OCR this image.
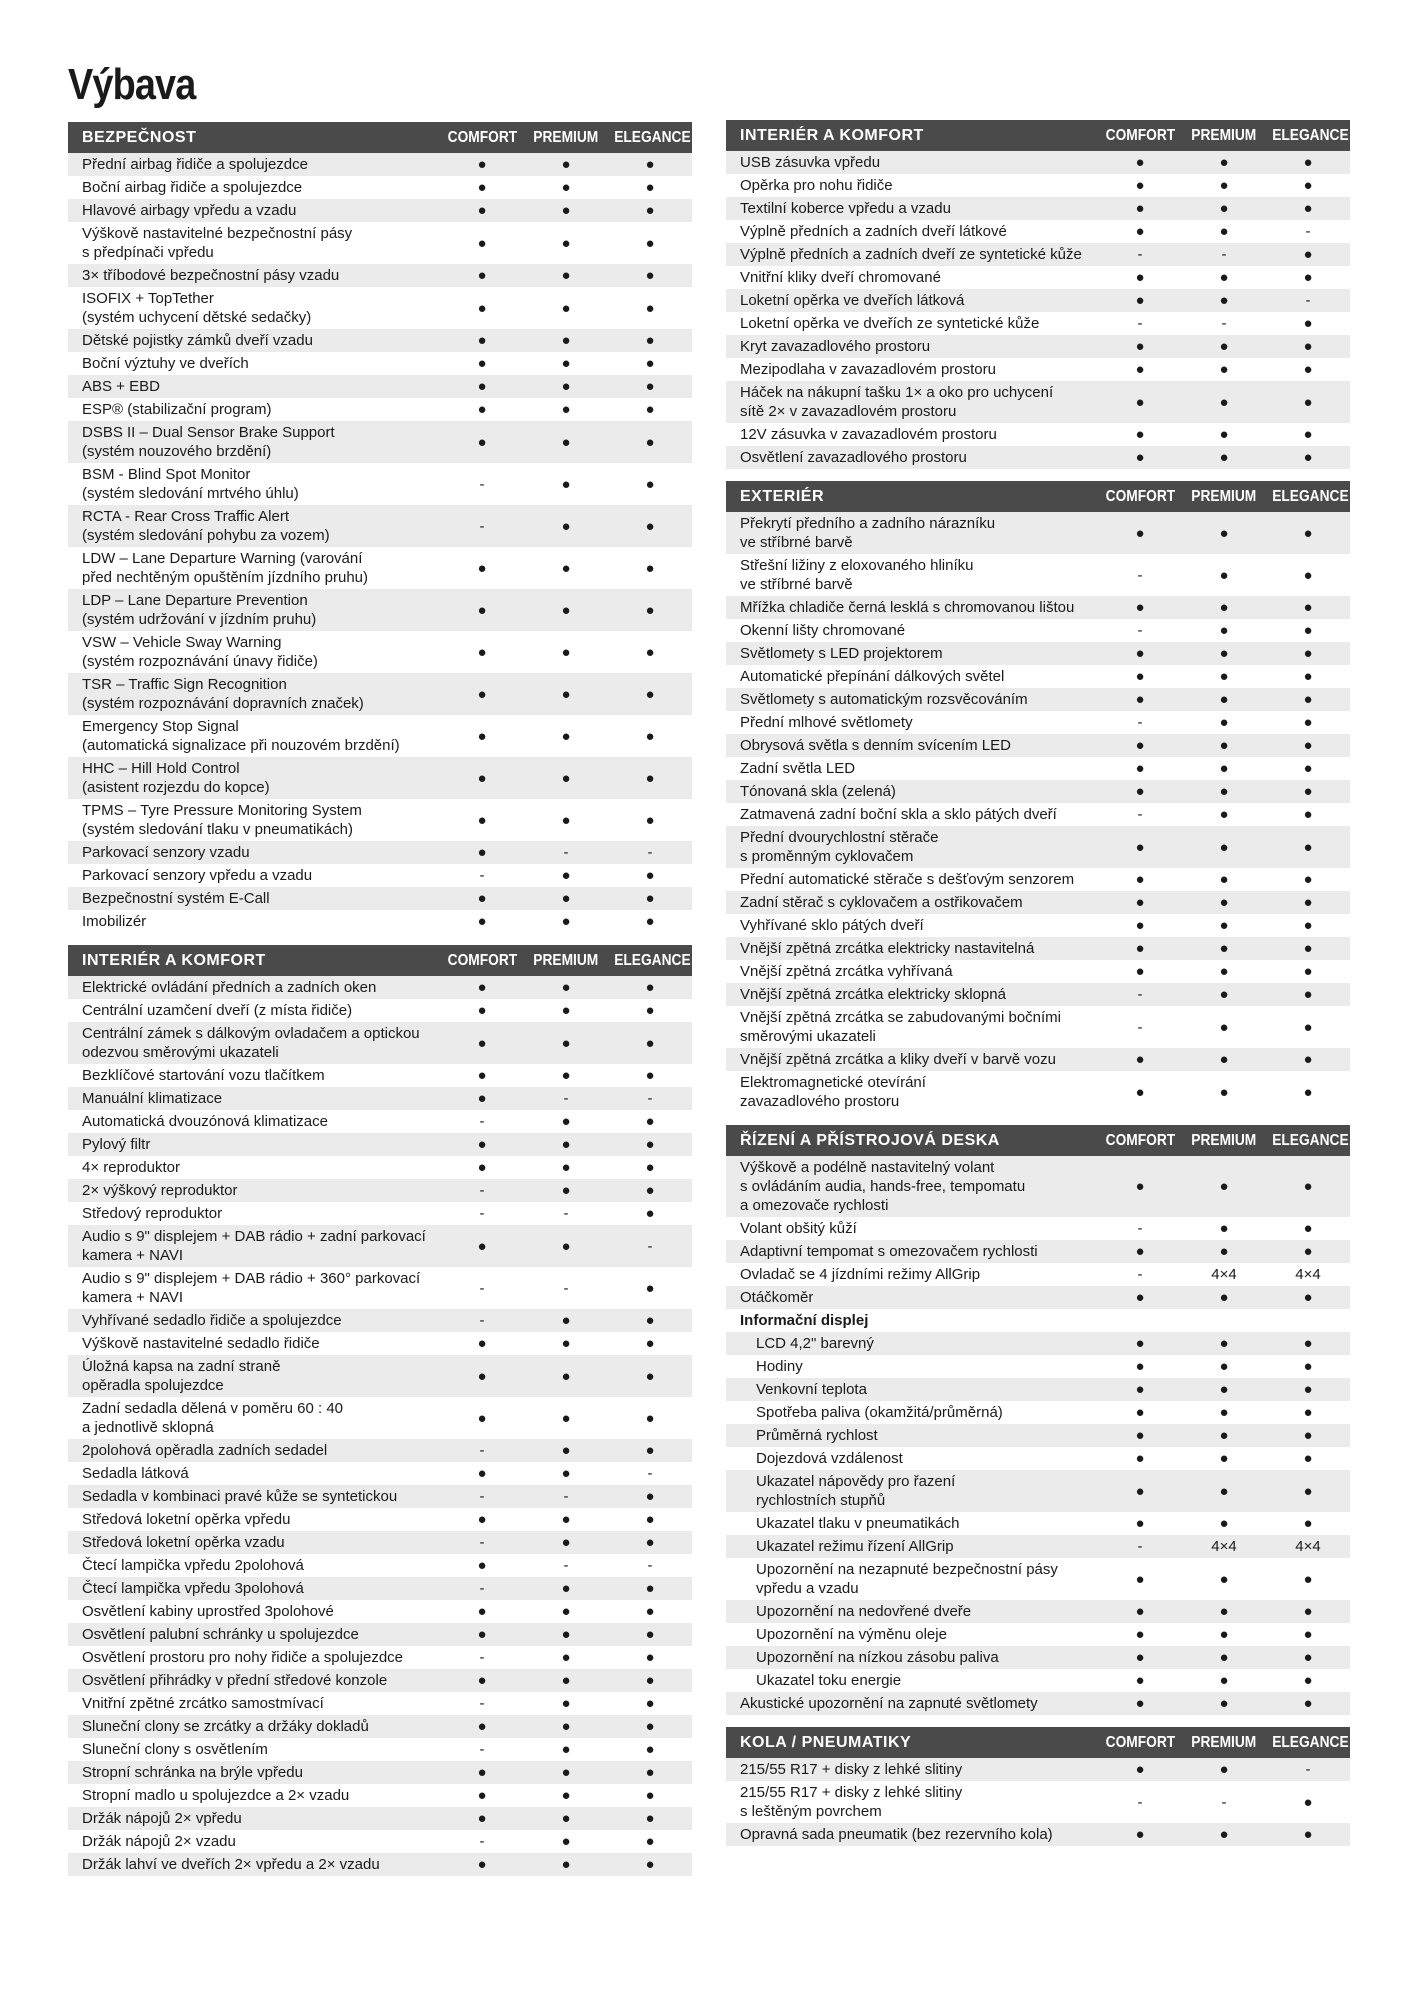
Výbava
BEZPEČNOST	COMFORT	PREMIUM	ELEGANCE
Přední airbag řidiče a spolujezdce	●	●	●
Boční airbag řidiče a spolujezdce	●	●	●
Hlavové airbagy vpředu a vzadu	●	●	●
Výškově nastavitelné bezpečnostní pásy
s předpínači vpředu	●	●	●
3× tříbodové bezpečnostní pásy vzadu	●	●	●
ISOFIX + TopTether
(systém uchycení dětské sedačky)	●	●	●
Dětské pojistky zámků dveří vzadu	●	●	●
Boční výztuhy ve dveřích	●	●	●
ABS + EBD	●	●	●
ESP® (stabilizační program)	●	●	●
DSBS II – Dual Sensor Brake Support
(systém nouzového brzdění)	●	●	●
BSM - Blind Spot Monitor
(systém sledování mrtvého úhlu)	-	●	●
RCTA - Rear Cross Traffic Alert
(systém sledování pohybu za vozem)	-	●	●
LDW – Lane Departure Warning (varování
před nechtěným opuštěním jízdního pruhu)	●	●	●
LDP – Lane Departure Prevention
(systém udržování v jízdním pruhu)	●	●	●
VSW – Vehicle Sway Warning
(systém rozpoznávání únavy řidiče)	●	●	●
TSR – Traffic Sign Recognition
(systém rozpoznávání dopravních značek)	●	●	●
Emergency Stop Signal
(automatická signalizace při nouzovém brzdění)	●	●	●
HHC – Hill Hold Control
(asistent rozjezdu do kopce)	●	●	●
TPMS – Tyre Pressure Monitoring System
(systém sledování tlaku v pneumatikách)	●	●	●
Parkovací senzory vzadu	●	-	-
Parkovací senzory vpředu a vzadu	-	●	●
Bezpečnostní systém E-Call	●	●	●
Imobilizér	●	●	●
INTERIÉR A KOMFORT	COMFORT	PREMIUM	ELEGANCE
Elektrické ovládání předních a zadních oken	●	●	●
Centrální uzamčení dveří (z místa řidiče)	●	●	●
Centrální zámek s dálkovým ovladačem a optickou
odezvou směrovými ukazateli	●	●	●
Bezklíčové startování vozu tlačítkem	●	●	●
Manuální klimatizace	●	-	-
Automatická dvouzónová klimatizace	-	●	●
Pylový filtr	●	●	●
4× reproduktor	●	●	●
2× výškový reproduktor	-	●	●
Středový reproduktor	-	-	●
Audio s 9" displejem + DAB rádio + zadní parkovací
kamera + NAVI	●	●	-
Audio s 9" displejem + DAB rádio + 360° parkovací
kamera + NAVI	-	-	●
Vyhřívané sedadlo řidiče a spolujezdce	-	●	●
Výškově nastavitelné sedadlo řidiče	●	●	●
Úložná kapsa na zadní straně
opěradla spolujezdce	●	●	●
Zadní sedadla dělená v poměru 60 : 40
a jednotlivě sklopná	●	●	●
2polohová opěradla zadních sedadel	-	●	●
Sedadla látková	●	●	-
Sedadla v kombinaci pravé kůže se syntetickou	-	-	●
Středová loketní opěrka vpředu	●	●	●
Středová loketní opěrka vzadu	-	●	●
Čtecí lampička vpředu 2polohová	●	-	-
Čtecí lampička vpředu 3polohová	-	●	●
Osvětlení kabiny uprostřed 3polohové	●	●	●
Osvětlení palubní schránky u spolujezdce	●	●	●
Osvětlení prostoru pro nohy řidiče a spolujezdce	-	●	●
Osvětlení přihrádky v přední středové konzole	●	●	●
Vnitřní zpětné zrcátko samostmívací	-	●	●
Sluneční clony se zrcátky a držáky dokladů	●	●	●
Sluneční clony s osvětlením	-	●	●
Stropní schránka na brýle vpředu	●	●	●
Stropní madlo u spolujezdce a 2× vzadu	●	●	●
Držák nápojů 2× vpředu	●	●	●
Držák nápojů 2× vzadu	-	●	●
Držák lahví ve dveřích 2× vpředu a 2× vzadu	●	●	●
INTERIÉR A KOMFORT	COMFORT	PREMIUM	ELEGANCE
USB zásuvka vpředu	●	●	●
Opěrka pro nohu řidiče	●	●	●
Textilní koberce vpředu a vzadu	●	●	●
Výplně předních a zadních dveří látkové	●	●	-
Výplně předních a zadních dveří ze syntetické kůže	-	-	●
Vnitřní kliky dveří chromované	●	●	●
Loketní opěrka ve dveřích látková	●	●	-
Loketní opěrka ve dveřích ze syntetické kůže	-	-	●
Kryt zavazadlového prostoru	●	●	●
Mezipodlaha v zavazadlovém prostoru	●	●	●
Háček na nákupní tašku 1× a oko pro uchycení
sítě 2× v zavazadlovém prostoru	●	●	●
12V zásuvka v zavazadlovém prostoru	●	●	●
Osvětlení zavazadlového prostoru	●	●	●
EXTERIÉR	COMFORT	PREMIUM	ELEGANCE
Překrytí předního a zadního nárazníku
ve stříbrné barvě	●	●	●
Střešní ližiny z eloxovaného hliníku
ve stříbrné barvě	-	●	●
Mřížka chladiče černá lesklá s chromovanou lištou	●	●	●
Okenní lišty chromované	-	●	●
Světlomety s LED projektorem	●	●	●
Automatické přepínání dálkových světel	●	●	●
Světlomety s automatickým rozsvěcováním	●	●	●
Přední mlhové světlomety	-	●	●
Obrysová světla s denním svícením LED	●	●	●
Zadní světla LED	●	●	●
Tónovaná skla (zelená)	●	●	●
Zatmavená zadní boční skla a sklo pátých dveří	-	●	●
Přední dvourychlostní stěrače
s proměnným cyklovačem	●	●	●
Přední automatické stěrače s dešťovým senzorem	●	●	●
Zadní stěrač s cyklovačem a ostřikovačem	●	●	●
Vyhřívané sklo pátých dveří	●	●	●
Vnější zpětná zrcátka elektricky nastavitelná	●	●	●
Vnější zpětná zrcátka vyhřívaná	●	●	●
Vnější zpětná zrcátka elektricky sklopná	-	●	●
Vnější zpětná zrcátka se zabudovanými bočními
směrovými ukazateli	-	●	●
Vnější zpětná zrcátka a kliky dveří v barvě vozu	●	●	●
Elektromagnetické otevírání
zavazadlového prostoru	●	●	●
ŘÍZENÍ A PŘÍSTROJOVÁ DESKA	COMFORT	PREMIUM	ELEGANCE
Výškově a podélně nastavitelný volant
s ovládáním audia, hands-free, tempomatu
a omezovače rychlosti	●	●	●
Volant obšitý kůží	-	●	●
Adaptivní tempomat s omezovačem rychlosti	●	●	●
Ovladač se 4 jízdními režimy AllGrip	-	4×4	4×4
Otáčkoměr	●	●	●
Informační displej			
LCD 4,2" barevný	●	●	●
Hodiny	●	●	●
Venkovní teplota	●	●	●
Spotřeba paliva (okamžitá/průměrná)	●	●	●
Průměrná rychlost	●	●	●
Dojezdová vzdálenost	●	●	●
Ukazatel nápovědy pro řazení
rychlostních stupňů	●	●	●
Ukazatel tlaku v pneumatikách	●	●	●
Ukazatel režimu řízení AllGrip	-	4×4	4×4
Upozornění na nezapnuté bezpečnostní pásy
vpředu a vzadu	●	●	●
Upozornění na nedovřené dveře	●	●	●
Upozornění na výměnu oleje	●	●	●
Upozornění na nízkou zásobu paliva	●	●	●
Ukazatel toku energie	●	●	●
Akustické upozornění na zapnuté světlomety	●	●	●
KOLA / PNEUMATIKY	COMFORT	PREMIUM	ELEGANCE
215/55 R17 + disky z lehké slitiny	●	●	-
215/55 R17 + disky z lehké slitiny
s leštěným povrchem	-	-	●
Opravná sada pneumatik (bez rezervního kola)	●	●	●
